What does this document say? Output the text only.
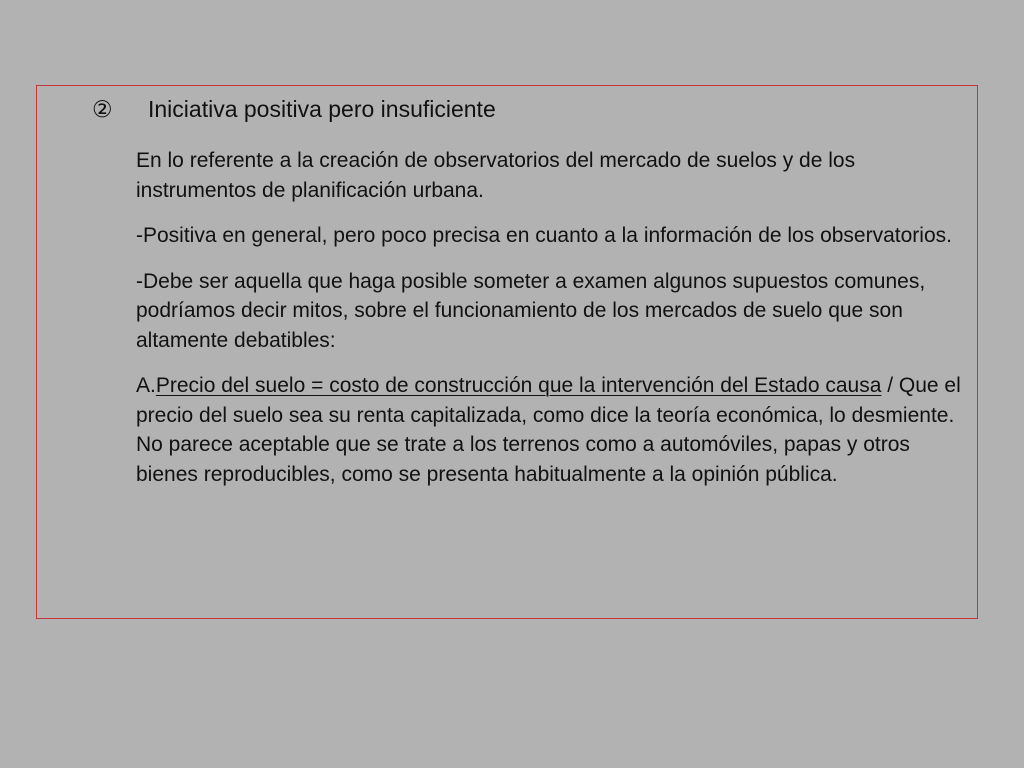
② Iniciativa positiva pero insuficiente

En lo referente a la creación de observatorios del mercado de suelos y de los instrumentos de planificación urbana.

-Positiva en general, pero poco precisa en cuanto a la información de los observatorios.

-Debe ser aquella que haga posible someter a examen algunos supuestos comunes, podríamos decir mitos, sobre el funcionamiento de los mercados de suelo que son altamente debatibles:

A.Precio del suelo = costo de construcción que la intervención del Estado causa / Que el precio del suelo sea su renta capitalizada, como dice la teoría económica, lo desmiente. No parece aceptable que se trate a los terrenos como a automóviles, papas y otros bienes reproducibles, como se presenta habitualmente a la opinión pública.
